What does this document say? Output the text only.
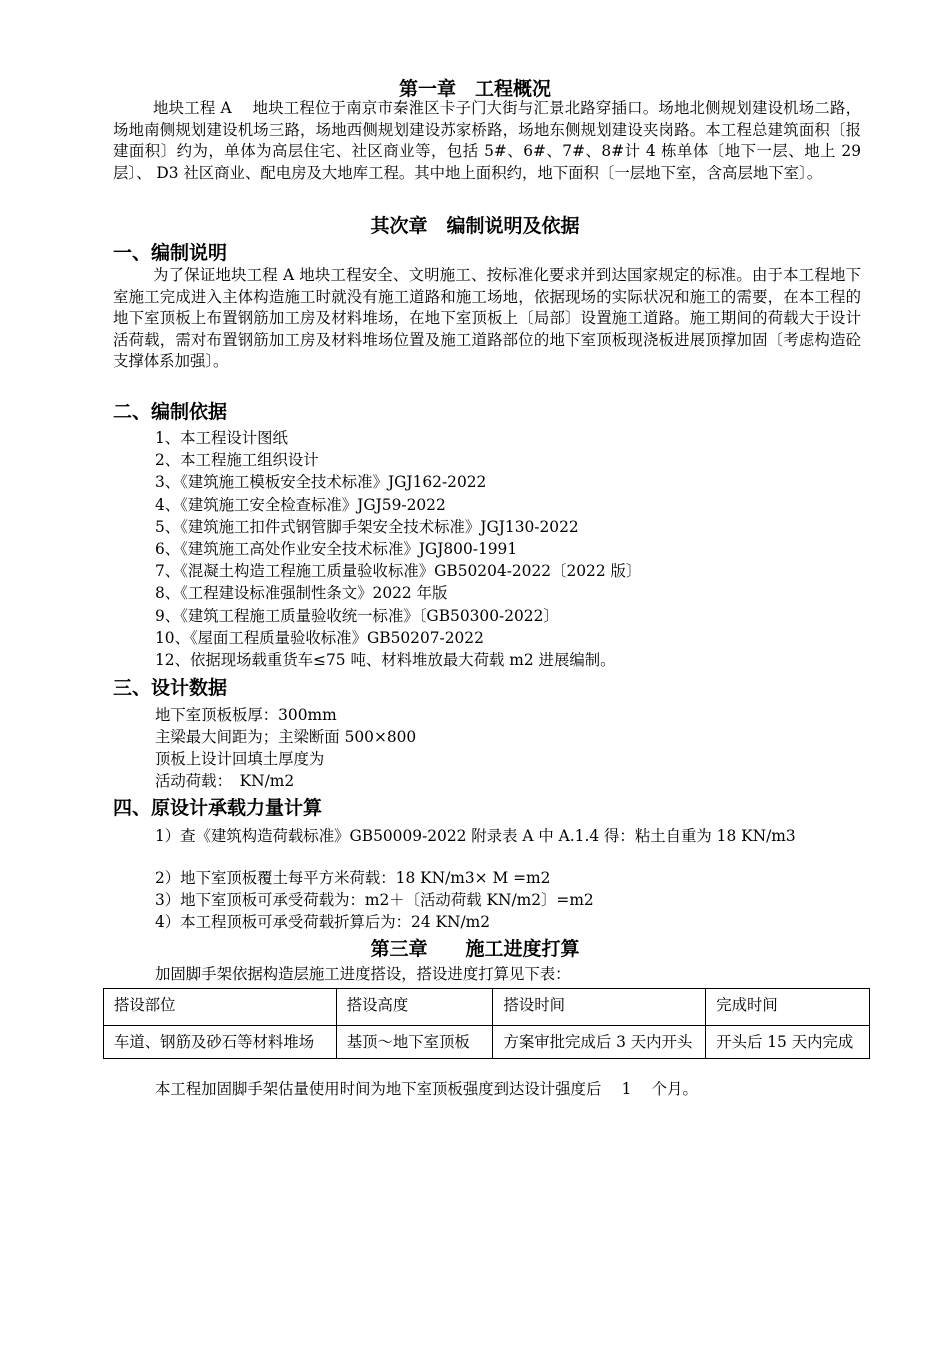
第一章　工程概况
地块工程 A　 地块工程位于南京市秦淮区卡子门大街与汇景北路穿插口。场地北侧规划建设机场二路，场地南侧规划建设机场三路，场地西侧规划建设苏家桥路，场地东侧规划建设夹岗路。本工程总建筑面积〔报建面积〕约为，单体为高层住宅、社区商业等，包括 5#、6#、7#、8#计 4 栋单体〔地下一层、地上 29 层〕、 D3 社区商业、配电房及大地库工程。其中地上面积约，地下面积〔一层地下室，含高层地下室〕。
其次章　编制说明及依据
一、编制说明
为了保证地块工程 A 地块工程安全、文明施工、按标准化要求并到达国家规定的标准。由于本工程地下室施工完成进入主体构造施工时就没有施工道路和施工场地，依据现场的实际状况和施工的需要，在本工程的地下室顶板上布置钢筋加工房及材料堆场，在地下室顶板上〔局部〕设置施工道路。施工期间的荷载大于设计活荷载，需对布置钢筋加工房及材料堆场位置及施工道路部位的地下室顶板现浇板进展顶撑加固〔考虑构造砼支撑体系加强〕。
二、编制依据
1、本工程设计图纸
2、本工程施工组织设计
3、《建筑施工模板安全技术标准》JGJ162-2022
4、《建筑施工安全检查标准》JGJ59-2022
5、《建筑施工扣件式钢管脚手架安全技术标准》JGJ130-2022
6、《建筑施工高处作业安全技术标准》JGJ800-1991
7、《混凝土构造工程施工质量验收标准》GB50204-2022〔2022 版〕
8、《工程建设标准强制性条文》2022 年版
9、《建筑工程施工质量验收统一标准》〔GB50300-2022〕
10、《屋面工程质量验收标准》GB50207-2022
12、依据现场载重货车≤75 吨、材料堆放最大荷载 m2 进展编制。
三、设计数据
地下室顶板板厚：300mm
主梁最大间距为；主梁断面 500×800
顶板上设计回填土厚度为
活动荷载：　KN/m2
四、原设计承载力量计算
1）查《建筑构造荷载标准》GB50009-2022 附录表 A 中 A.1.4 得：粘土自重为 18 KN/m3
2）地下室顶板覆土每平方米荷载：18 KN/m3× M =m2
3）地下室顶板可承受荷载为：m2＋〔活动荷载 KN/m2〕=m2
4）本工程顶板可承受荷载折算后为：24 KN/m2
第三章　　施工进度打算
加固脚手架依据构造层施工进度搭设，搭设进度打算见下表：
搭设部位	搭设高度	搭设时间	完成时间
车道、钢筋及砂石等材料堆场	基顶～地下室顶板	方案审批完成后 3 天内开头	开头后 15 天内完成
本工程加固脚手架估量使用时间为地下室顶板强度到达设计强度后　 1　 个月。
